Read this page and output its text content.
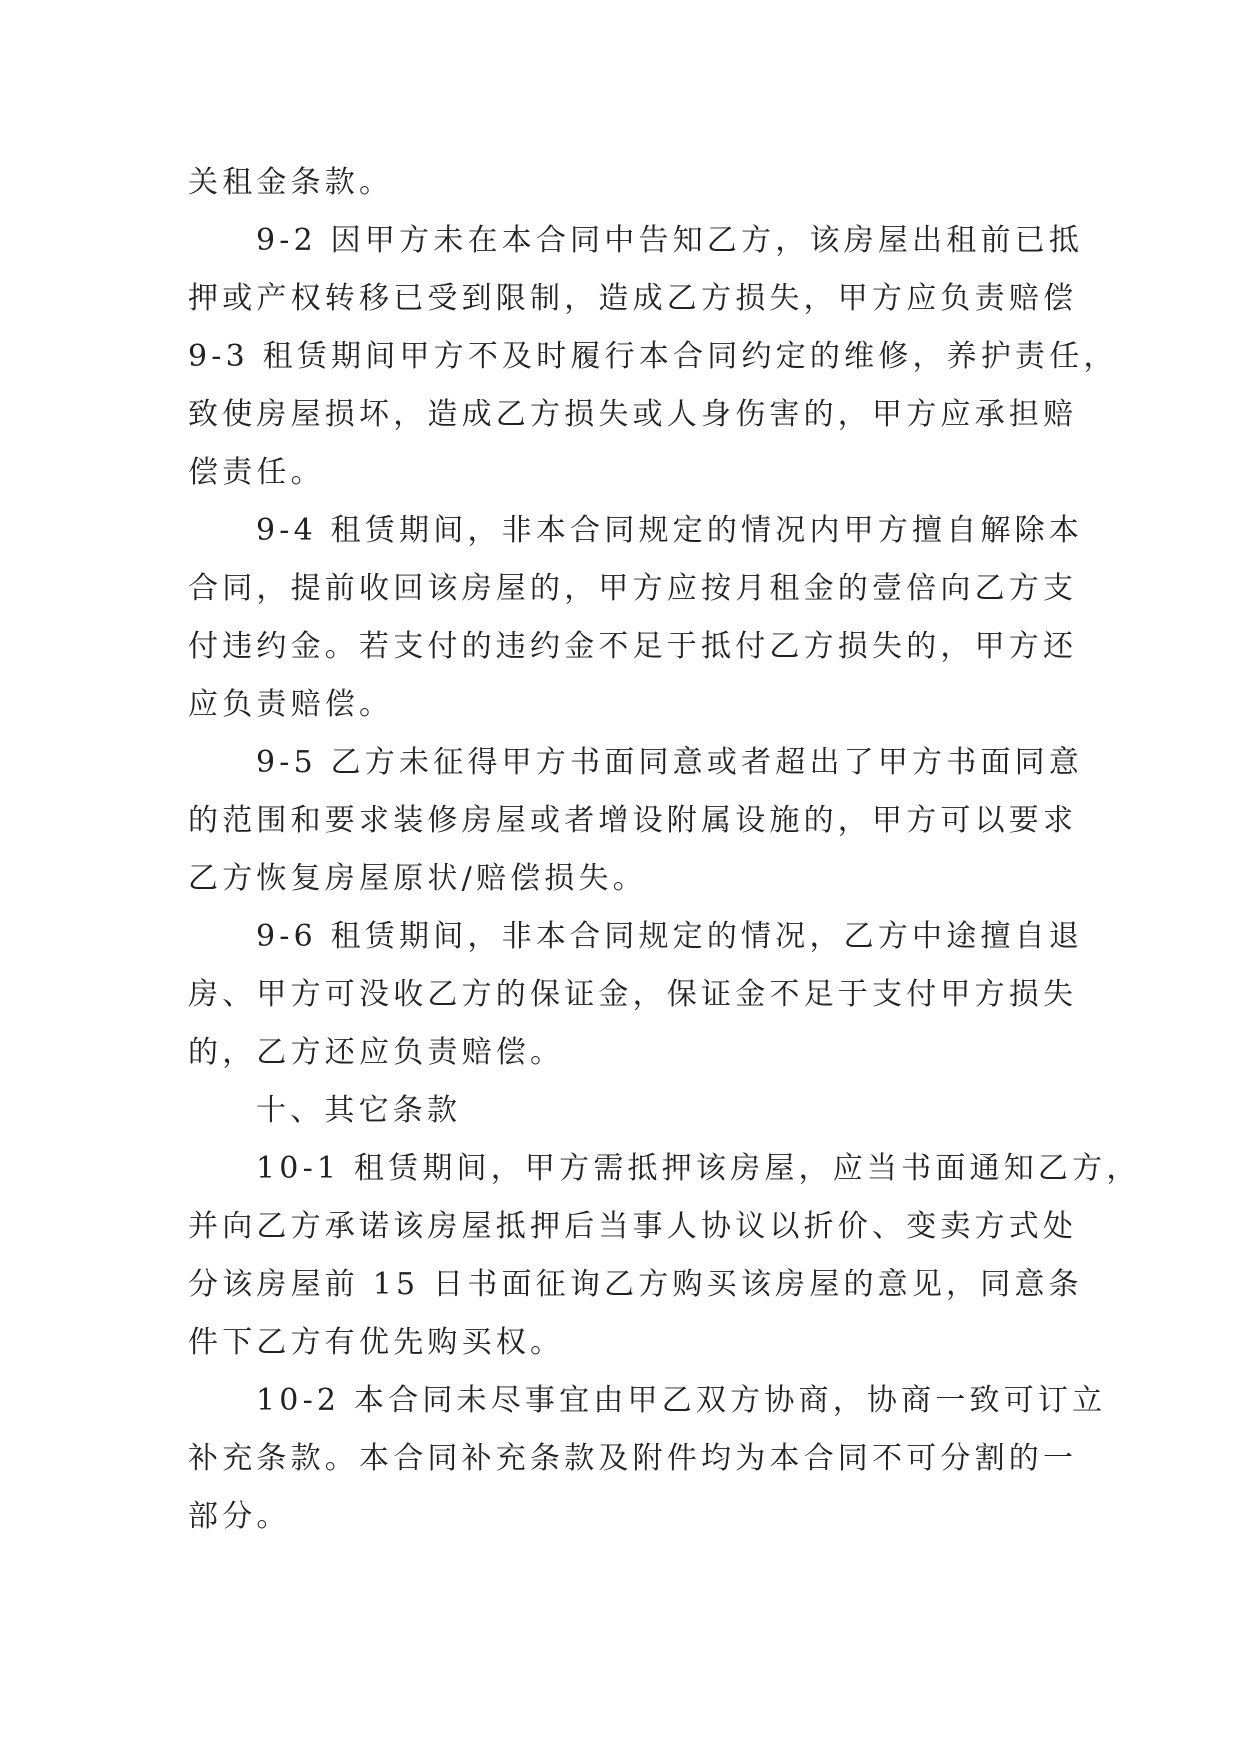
关租金条款。
9-2 因甲方未在本合同中告知乙方，该房屋出租前已抵
押或产权转移已受到限制，造成乙方损失，甲方应负责赔偿
9-3 租赁期间甲方不及时履行本合同约定的维修，养护责任，
致使房屋损坏，造成乙方损失或人身伤害的，甲方应承担赔
偿责任。
9-4 租赁期间，非本合同规定的情况内甲方擅自解除本
合同，提前收回该房屋的，甲方应按月租金的壹倍向乙方支
付违约金。若支付的违约金不足于抵付乙方损失的，甲方还
应负责赔偿。
9-5 乙方未征得甲方书面同意或者超出了甲方书面同意
的范围和要求装修房屋或者增设附属设施的，甲方可以要求
乙方恢复房屋原状/赔偿损失。
9-6 租赁期间，非本合同规定的情况，乙方中途擅自退
房、甲方可没收乙方的保证金，保证金不足于支付甲方损失
的，乙方还应负责赔偿。
十、其它条款
10-1 租赁期间，甲方需抵押该房屋，应当书面通知乙方，
并向乙方承诺该房屋抵押后当事人协议以折价、变卖方式处
分该房屋前 15 日书面征询乙方购买该房屋的意见，同意条
件下乙方有优先购买权。
10-2 本合同未尽事宜由甲乙双方协商，协商一致可订立
补充条款。本合同补充条款及附件均为本合同不可分割的一
部分。
